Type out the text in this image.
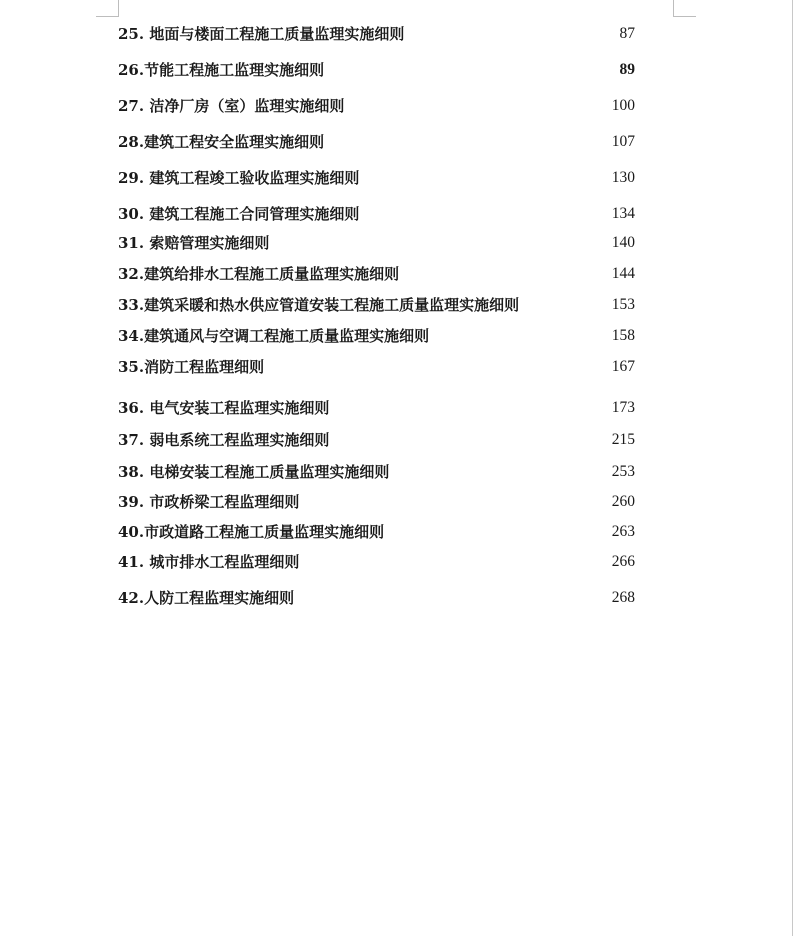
25. 地面与楼面工程施工质量监理实施细则	87
26.节能工程施工监理实施细则	89
27. 洁净厂房（室）监理实施细则	100
28.建筑工程安全监理实施细则	107
29. 建筑工程竣工验收监理实施细则	130
30. 建筑工程施工合同管理实施细则	134
31. 索赔管理实施细则	140
32.建筑给排水工程施工质量监理实施细则	144
33.建筑采暖和热水供应管道安装工程施工质量监理实施细则	153
34.建筑通风与空调工程施工质量监理实施细则	158
35.消防工程监理细则	167
36. 电气安装工程监理实施细则	173
37. 弱电系统工程监理实施细则	215
38. 电梯安装工程施工质量监理实施细则	253
39. 市政桥梁工程监理细则	260
40.市政道路工程施工质量监理实施细则	263
41. 城市排水工程监理细则	266
42.人防工程监理实施细则	268
